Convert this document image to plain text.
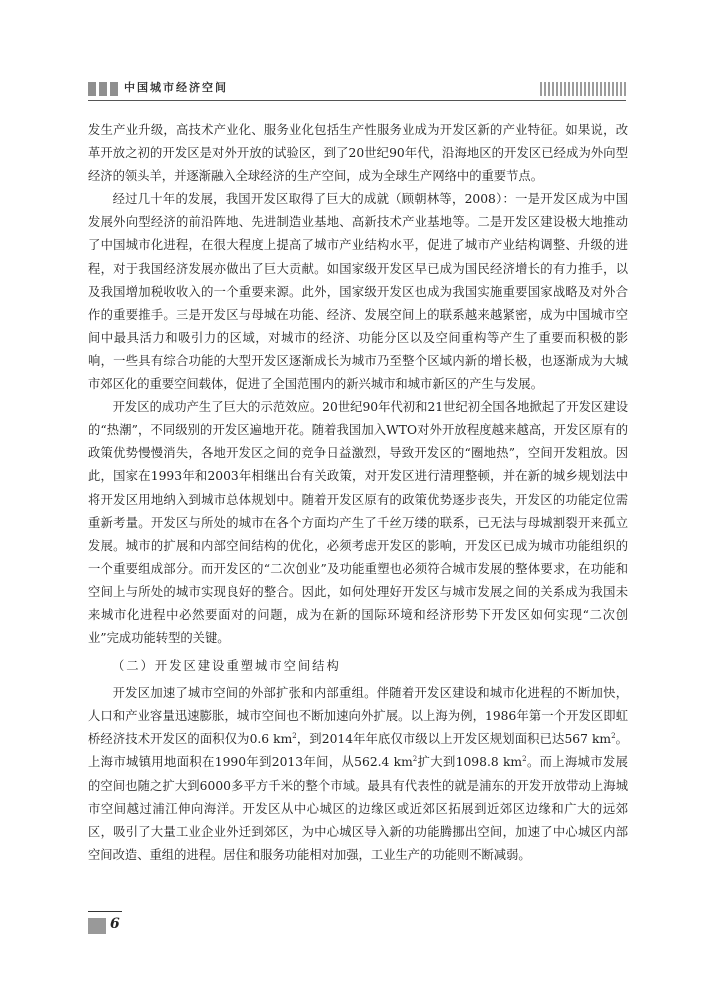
中国城市经济空间

发生产业升级，高技术产业化、服务业化包括生产性服务业成为开发区新的产业特征。如果说，改革开放之初的开发区是对外开放的试验区，到了20世纪90年代，沿海地区的开发区已经成为外向型经济的领头羊，并逐渐融入全球经济的生产空间，成为全球生产网络中的重要节点。

经过几十年的发展，我国开发区取得了巨大的成就（顾朝林等，2008）：一是开发区成为中国发展外向型经济的前沿阵地、先进制造业基地、高新技术产业基地等。二是开发区建设极大地推动了中国城市化进程，在很大程度上提高了城市产业结构水平，促进了城市产业结构调整、升级的进程，对于我国经济发展亦做出了巨大贡献。如国家级开发区早已成为国民经济增长的有力推手，以及我国增加税收收入的一个重要来源。此外，国家级开发区也成为我国实施重要国家战略及对外合作的重要推手。三是开发区与母城在功能、经济、发展空间上的联系越来越紧密，成为中国城市空间中最具活力和吸引力的区域，对城市的经济、功能分区以及空间重构等产生了重要而积极的影响，一些具有综合功能的大型开发区逐渐成长为城市乃至整个区域内新的增长极，也逐渐成为大城市郊区化的重要空间载体，促进了全国范围内的新兴城市和城市新区的产生与发展。

开发区的成功产生了巨大的示范效应。20世纪90年代初和21世纪初全国各地掀起了开发区建设的“热潮”，不同级别的开发区遍地开花。随着我国加入WTO对外开放程度越来越高，开发区原有的政策优势慢慢消失，各地开发区之间的竞争日益激烈，导致开发区的“圈地热”，空间开发粗放。因此，国家在1993年和2003年相继出台有关政策，对开发区进行清理整顿，并在新的城乡规划法中将开发区用地纳入到城市总体规划中。随着开发区原有的政策优势逐步丧失，开发区的功能定位需重新考量。开发区与所处的城市在各个方面均产生了千丝万缕的联系，已无法与母城割裂开来孤立发展。城市的扩展和内部空间结构的优化，必须考虑开发区的影响，开发区已成为城市功能组织的一个重要组成部分。而开发区的“二次创业”及功能重塑也必须符合城市发展的整体要求，在功能和空间上与所处的城市实现良好的整合。因此，如何处理好开发区与城市发展之间的关系成为我国未来城市化进程中必然要面对的问题，成为在新的国际环境和经济形势下开发区如何实现“二次创业”完成功能转型的关键。

（二）开发区建设重塑城市空间结构

开发区加速了城市空间的外部扩张和内部重组。伴随着开发区建设和城市化进程的不断加快，人口和产业容量迅速膨胀，城市空间也不断加速向外扩展。以上海为例，1986年第一个开发区即虹桥经济技术开发区的面积仅为0.6 $km^2$，到2014年年底仅市级以上开发区规划面积已达567 $km^2$。上海市城镇用地面积在1990年到2013年间，从562.4 $km^2$扩大到1098.8 $km^2$。而上海城市发展的空间也随之扩大到6000多平方千米的整个市域。最具有代表性的就是浦东的开发开放带动上海城市空间越过浦江伸向海洋。开发区从中心城区的边缘区或近郊区拓展到近郊区边缘和广大的远郊区，吸引了大量工业企业外迁到郊区，为中心城区导入新的功能腾挪出空间，加速了中心城区内部空间改造、重组的进程。居住和服务功能相对加强，工业生产的功能则不断减弱。

6
